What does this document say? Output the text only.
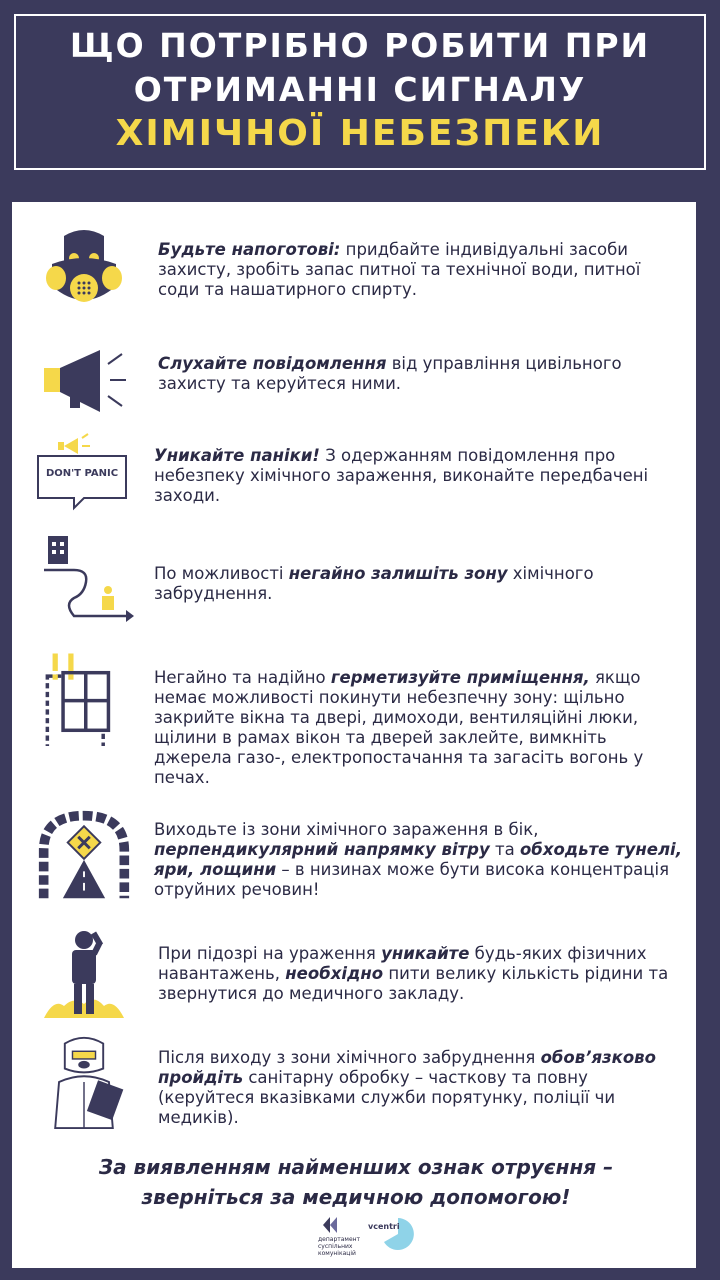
ЩО ПОТРІБНО РОБИТИ ПРИ
ОТРИМАННІ СИГНАЛУ
ХІМІЧНОЇ НЕБЕЗПЕКИ
Будьте напоготові: придбайте індивідуальні засоби захисту, зробіть запас питної та технічної води, питної соди та нашатирного спирту.
Слухайте повідомлення від управління цивільного захисту та керуйтеся ними.
DON'T PANIC
Уникайте паніки! З одержанням повідомлення про небезпеку хімічного зараження, виконайте передбачені заходи.
По можливості негайно залишіть зону хімічного забруднення.
Негайно та надійно герметизуйте приміщення, якщо немає можливості покинути небезпечну зону: щільно закрийте вікна та двері, димоходи, вентиляційні люки, щілини в рамах вікон та дверей заклейте, вимкніть джерела газо-, електропостачання та загасіть вогонь у печах.
Виходьте із зони хімічного зараження в бік, перпендикулярний напрямку вітру та обходьте тунелі, яри, лощини – в низинах може бути висока концентрація отруйних речовин!
При підозрі на ураження уникайте будь-яких фізичних навантажень, необхідно пити велику кількість рідини та звернутися до медичного закладу.
Після виходу з зони хімічного забруднення обов’язково пройдіть санітарну обробку – часткову та повну (керуйтеся вказівками служби порятунку, поліції чи медиків).
За виявленням найменших ознак отруєння –
зверніться за медичною допомогою!
департамент суспільних комунікацій
vcentri
